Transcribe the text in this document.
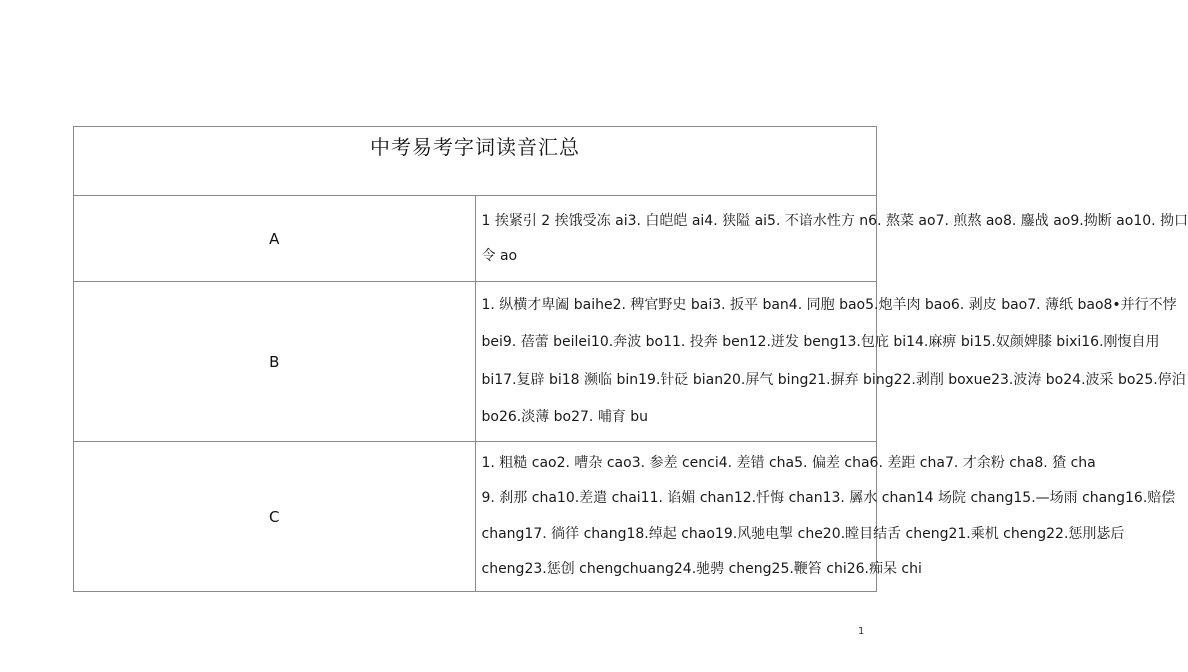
中考易考字词读音汇总	

A	1 挨紧引 2 挨饿受冻 ai3. 白皑皑 ai4. 狭隘 ai5. 不谙水性方 n6. 熬菜 ao7. 煎熬 ao8. 鏖战 ao9.拗断 ao10. 拗口
令 ao

B	1. 纵横才卑阖 baihe2. 稗官野史 bai3. 扳平 ban4. 同胞 bao5.炮羊肉 bao6. 剥皮 bao7. 薄纸 bao8•并行不悖
bei9. 蓓蕾 beilei10.奔波 bo11. 投奔 ben12.迸发 beng13.包庇 bi14.麻痹 bi15.奴颜婢膝 bixi16.刚愎自用
bi17.复辟 bi18 濒临 bin19.针砭 bian20.屏气 bing21.摒弃 bing22.剥削 boxue23.波涛 bo24.波采 bo25.停泊
bo26.淡薄 bo27. 哺育 bu

C	1. 粗糙 cao2. 嘈杂 cao3. 参差 cenci4. 差错 cha5. 偏差 cha6. 差距 cha7. 才余粉 cha8. 猹 cha
9. 刹那 cha10.差遣 chai11. 谄媚 chan12.忏悔 chan13. 羼水 chan14 场院 chang15.—场雨 chang16.赔偿
chang17. 徜徉 chang18.绰起 chao19.风驰电掣 che20.瞠目结舌 cheng21.乘机 cheng22.惩刖毖后
cheng23.惩创 chengchuang24.驰骋 cheng25.鞭笞 chi26.痴呆 chi
1
